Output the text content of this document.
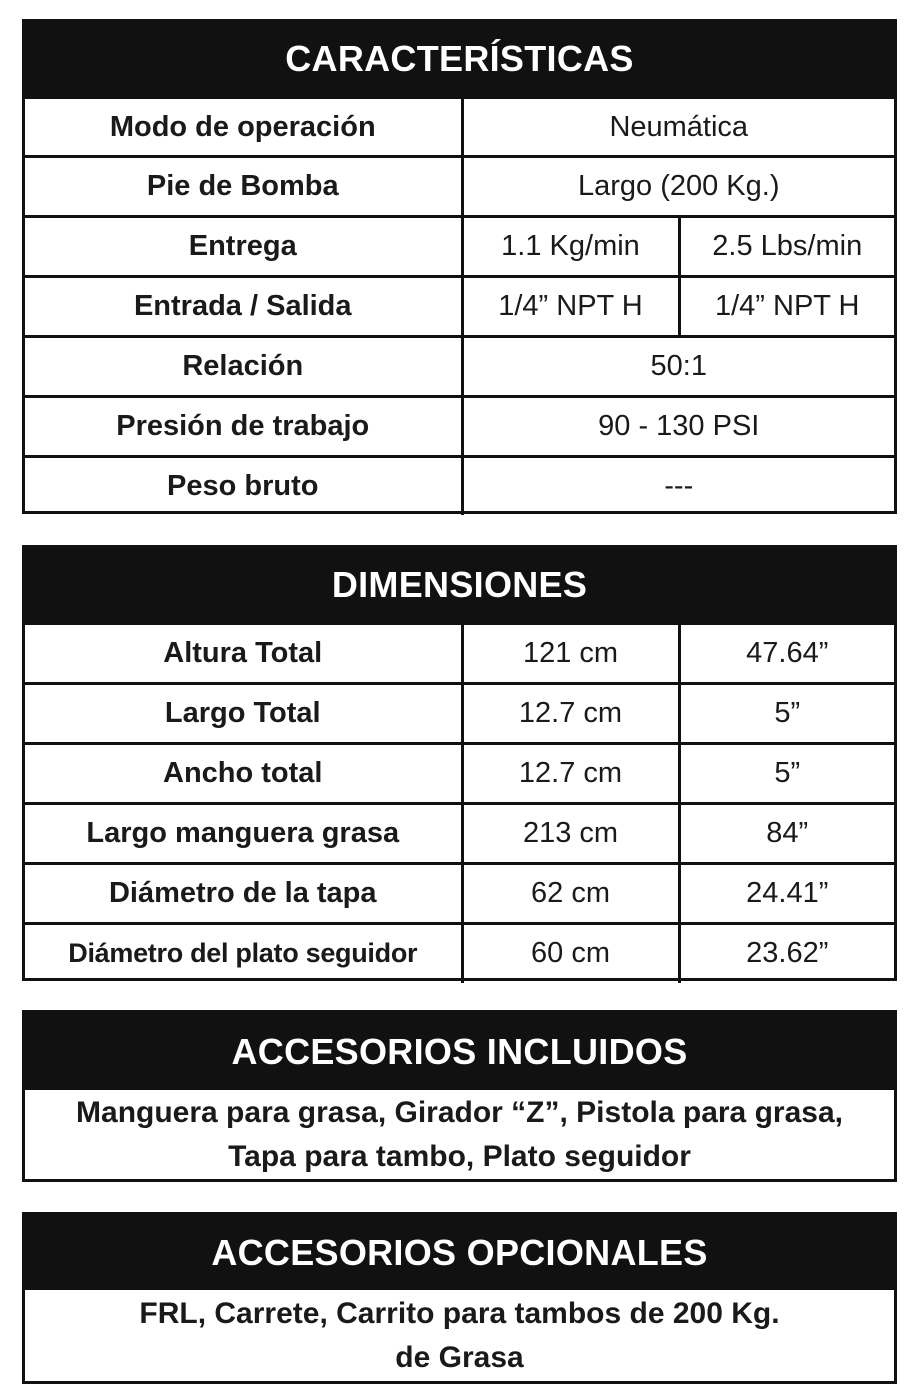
CARACTERÍSTICAS
Modo de operación	Neumática	
Pie de Bomba	Largo (200 Kg.)	
Entrega	1.1 Kg/min	2.5 Lbs/min
Entrada / Salida	1/4” NPT H	1/4” NPT H
Relación	50:1	
Presión de trabajo	90 - 130 PSI	
Peso bruto	---	
DIMENSIONES
Altura Total	121 cm	47.64”
Largo Total	12.7 cm	5”
Ancho total	12.7 cm	5”
Largo manguera grasa	213 cm	84”
Diámetro de la tapa	62 cm	24.41”
Diámetro del plato seguidor	60 cm	23.62”
ACCESORIOS INCLUIDOS
Manguera para grasa, Girador “Z”, Pistola para grasa,
Tapa para tambo, Plato seguidor
ACCESORIOS OPCIONALES
FRL, Carrete, Carrito para tambos de 200 Kg.
de Grasa
